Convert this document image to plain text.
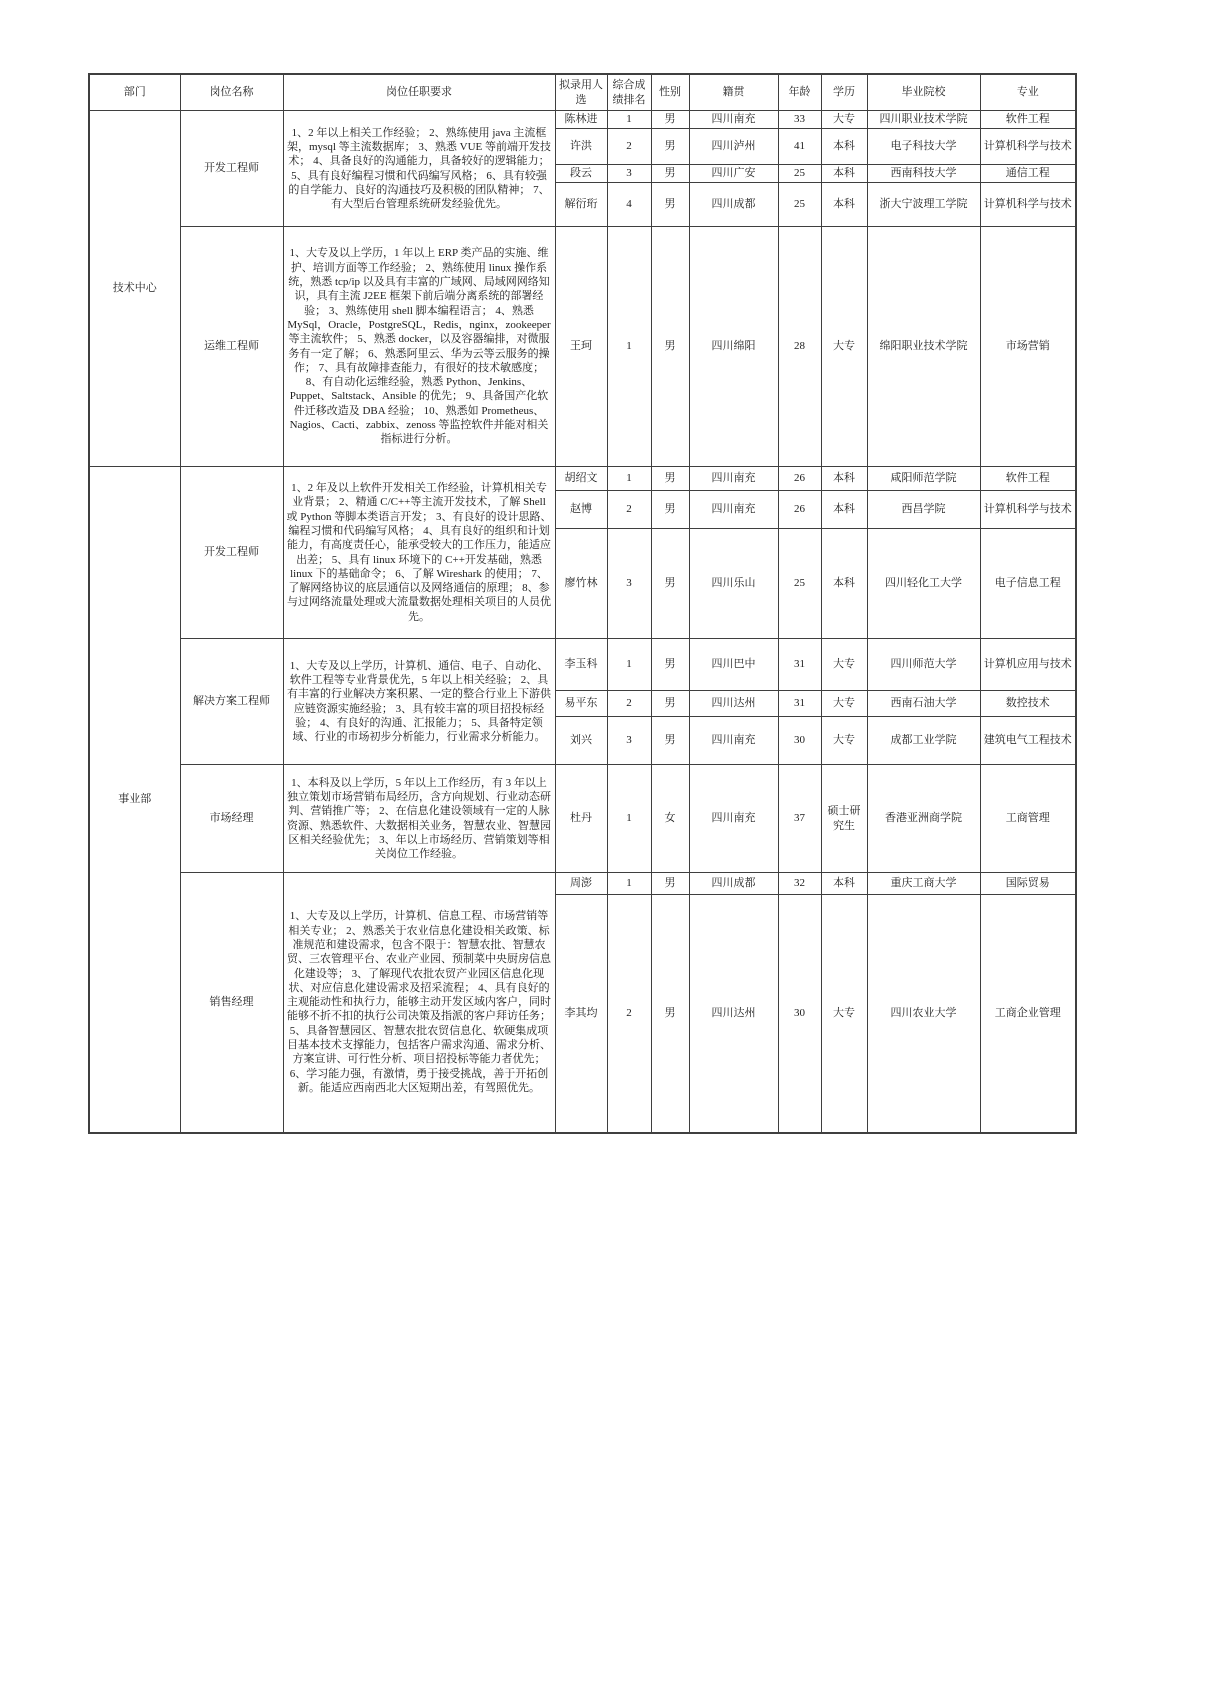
部门	岗位名称	岗位任职要求	拟录用人选	综合成绩排名	性别	籍贯	年龄	学历	毕业院校	专业
技术中心	开发工程师	1、2 年以上相关工作经验； 2、熟练使用 java 主流框架，mysql 等主流数据库； 3、熟悉 VUE 等前端开发技术； 4、具备良好的沟通能力，具备较好的逻辑能力； 5、具有良好编程习惯和代码编写风格； 6、具有较强的自学能力、良好的沟通技巧及积极的团队精神； 7、有大型后台管理系统研发经验优先。	陈林进	1	男	四川南充	33	大专	四川职业技术学院	软件工程
			许洪	2	男	四川泸州	41	本科	电子科技大学	计算机科学与技术
			段云	3	男	四川广安	25	本科	西南科技大学	通信工程
			解衍珩	4	男	四川成都	25	本科	浙大宁波理工学院	计算机科学与技术
	运维工程师	1、大专及以上学历，1 年以上 ERP 类产品的实施、维护、培训方面等工作经验； 2、熟练使用 linux 操作系统，熟悉 tcp/ip 以及具有丰富的广域网、局域网网络知识，具有主流 J2EE 框架下前后端分离系统的部署经验； 3、熟练使用 shell 脚本编程语言； 4、熟悉 MySql，Oracle，PostgreSQL，Redis，nginx，zookeeper 等主流软件； 5、熟悉 docker，以及容器编排，对微服务有一定了解； 6、熟悉阿里云、华为云等云服务的操作； 7、具有故障排查能力，有很好的技术敏感度； 8、有自动化运维经验，熟悉 Python、Jenkins、Puppet、Saltstack、Ansible 的优先； 9、具备国产化软件迁移改造及 DBA 经验； 10、熟悉如 Prometheus、Nagios、Cacti、zabbix、zenoss 等监控软件并能对相关指标进行分析。	王珂	1	男	四川绵阳	28	大专	绵阳职业技术学院	市场营销
事业部	开发工程师	1、2 年及以上软件开发相关工作经验，计算机相关专业背景； 2、精通 C/C++等主流开发技术，了解 Shell 或 Python 等脚本类语言开发； 3、有良好的设计思路、编程习惯和代码编写风格； 4、具有良好的组织和计划能力，有高度责任心，能承受较大的工作压力，能适应出差； 5、具有 linux 环境下的 C++开发基础，熟悉 linux 下的基础命令； 6、了解 Wireshark 的使用； 7、了解网络协议的底层通信以及网络通信的原理； 8、参与过网络流量处理或大流量数据处理相关项目的人员优先。	胡绍文	1	男	四川南充	26	本科	咸阳师范学院	软件工程
			赵博	2	男	四川南充	26	本科	西昌学院	计算机科学与技术
			廖竹林	3	男	四川乐山	25	本科	四川轻化工大学	电子信息工程
	解决方案工程师	1、大专及以上学历，计算机、通信、电子、自动化、软件工程等专业背景优先，5 年以上相关经验； 2、具有丰富的行业解决方案积累、一定的整合行业上下游供应链资源实施经验； 3、具有较丰富的项目招投标经验； 4、有良好的沟通、汇报能力； 5、具备特定领域、行业的市场初步分析能力，行业需求分析能力。	李玉科	1	男	四川巴中	31	大专	四川师范大学	计算机应用与技术
			易平东	2	男	四川达州	31	大专	西南石油大学	数控技术
			刘兴	3	男	四川南充	30	大专	成都工业学院	建筑电气工程技术
	市场经理	1、本科及以上学历，5 年以上工作经历，有 3 年以上独立策划市场营销布局经历，含方向规划、行业动态研判、营销推广等； 2、在信息化建设领域有一定的人脉资源、熟悉软件、大数据相关业务，智慧农业、智慧园区相关经验优先； 3、年以上市场经历、营销策划等相关岗位工作经验。	杜丹	1	女	四川南充	37	硕士研究生	香港亚洲商学院	工商管理
	销售经理	1、大专及以上学历，计算机、信息工程、市场营销等相关专业； 2、熟悉关于农业信息化建设相关政策、标准规范和建设需求，包含不限于：智慧农批、智慧农贸、三农管理平台、农业产业园、预制菜中央厨房信息化建设等； 3、了解现代农批农贸产业园区信息化现状、对应信息化建设需求及招采流程； 4、具有良好的主观能动性和执行力，能够主动开发区域内客户，同时能够不折不扣的执行公司决策及指派的客户拜访任务； 5、具备智慧园区、智慧农批农贸信息化、软硬集成项目基本技术支撑能力，包括客户需求沟通、需求分析、方案宣讲、可行性分析、项目招投标等能力者优先； 6、学习能力强，有激情，勇于接受挑战，善于开拓创新。能适应西南西北大区短期出差，有驾照优先。	周澎	1	男	四川成都	32	本科	重庆工商大学	国际贸易
			李其均	2	男	四川达州	30	大专	四川农业大学	工商企业管理
